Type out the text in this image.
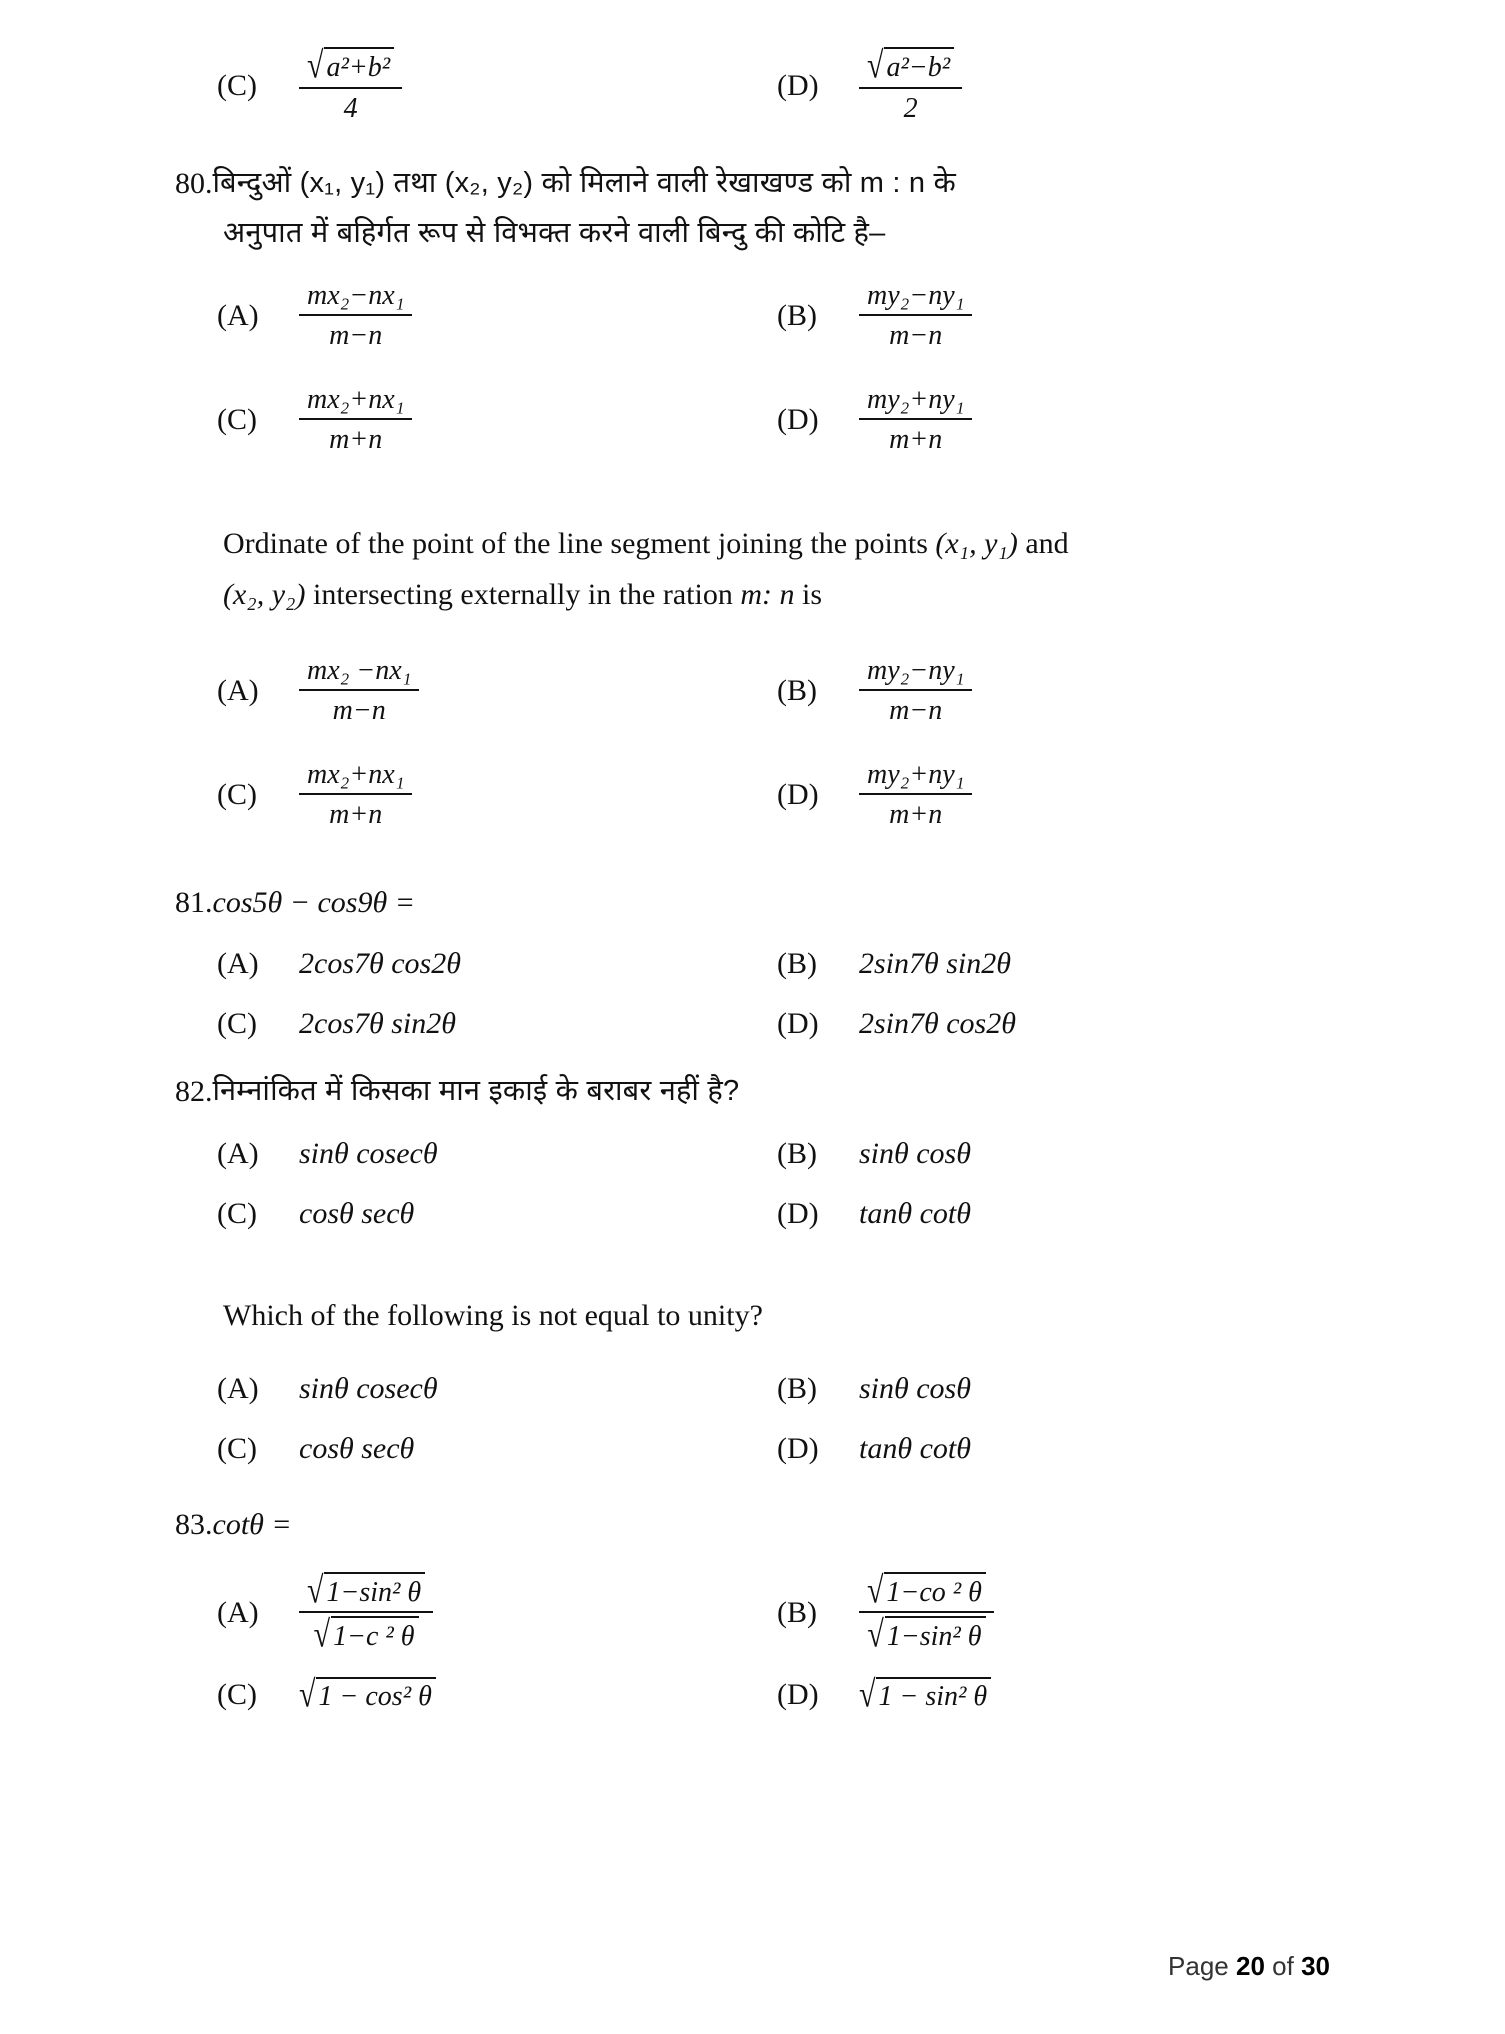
(C)	$\frac{\text{√ a²+b²}}{4}$	(D)	$\frac{\text{√ a²−b²}}{2}$
80. बिन्दुओं (x₁, y₁) तथा (x₂, y₂) को मिलाने वाली रेखाखण्ड को m : n के
अनुपात में बहिर्गत रूप से विभक्त करने वाली बिन्दु की कोटि है–
(A)	$\frac{\text{mx₂−nx₁}}{m-n}$	(B)	$\frac{\text{my₂−ny₁}}{m-n}$
(C)	$\frac{\text{mx₂+nx₁}}{m+n}$	(D)	$\frac{\text{my₂+ny₁}}{m+n}$
Ordinate of the point of the line segment joining the points (x₁, y₁) and
(x₂, y₂) intersecting externally in the ration m: n is
(A)	$\frac{\text{mx₂ −nx₁}}{m-n}$	(B)	$\frac{\text{my₂−ny₁}}{m-n}$
(C)	$\frac{\text{mx₂+nx₁}}{m+n}$	(D)	$\frac{\text{my₂+ny₁}}{m+n}$
81. cos5θ − cos9θ =
(A)	2cos7θ cos2θ	(B)	2sin7θ sin2θ
(C)	2cos7θ sin2θ	(D)	2sin7θ cos2θ
82. निम्नांकित में किसका मान इकाई के बराबर नहीं है?
(A)	sinθ cosecθ	(B)	sinθ cosθ
(C)	cosθ secθ	(D)	tanθ cotθ
Which of the following is not equal to unity?
(A)	sinθ cosecθ	(B)	sinθ cosθ
(C)	cosθ secθ	(D)	tanθ cotθ
83. cotθ =
(A)	$\frac{\text{√ 1−sin² θ}}{\text{√ 1−c ² θ}}$	(B)	$\frac{\text{√ 1−co ² θ}}{\text{√ 1−sin² θ}}$
(C)	√ 1 − cos² θ	(D)	√ 1 − sin² θ
Page 20 of 30
